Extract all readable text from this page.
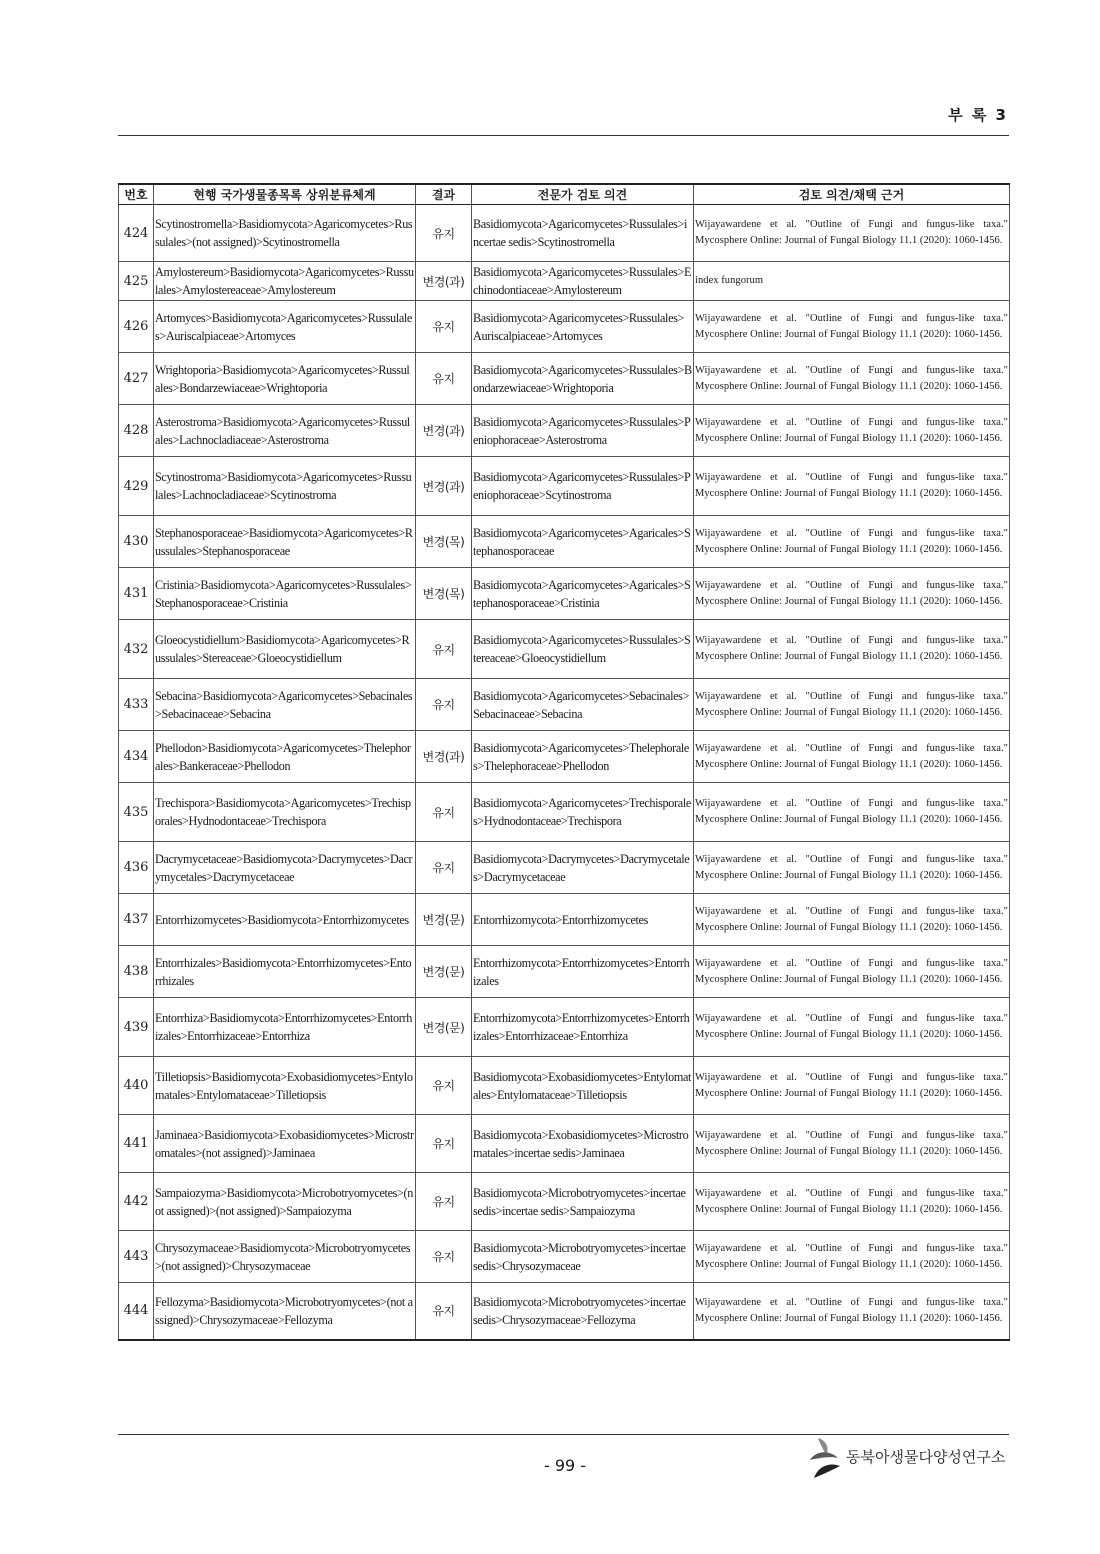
부 록 3
번호	현행 국가생물종목록 상위분류체계	결과	전문가 검토 의견	검토 의견/채택 근거
424	Scytinostromella>Basidiomycota>Agaricomycetes>Russulales>(not assigned)>Scytinostromella	유지	Basidiomycota>Agaricomycetes>Russulales>incertae sedis>Scytinostromella	Wijayawardene et al. "Outline of Fungi and fungus-like taxa." Mycosphere Online: Journal of Fungal Biology 11.1 (2020): 1060-1456.
425	Amylostereum>Basidiomycota>Agaricomycetes>Russulales>Amylostereaceae>Amylostereum	변경(과)	Basidiomycota>Agaricomycetes>Russulales>Echinodontiaceae>Amylostereum	index fungorum
426	Artomyces>Basidiomycota>Agaricomycetes>Russulales>Auriscalpiaceae>Artomyces	유지	Basidiomycota>Agaricomycetes>Russulales>Auriscalpiaceae>Artomyces	Wijayawardene et al. "Outline of Fungi and fungus-like taxa." Mycosphere Online: Journal of Fungal Biology 11.1 (2020): 1060-1456.
427	Wrightoporia>Basidiomycota>Agaricomycetes>Russulales>Bondarzewiaceae>Wrightoporia	유지	Basidiomycota>Agaricomycetes>Russulales>Bondarzewiaceae>Wrightoporia	Wijayawardene et al. "Outline of Fungi and fungus-like taxa." Mycosphere Online: Journal of Fungal Biology 11.1 (2020): 1060-1456.
428	Asterostroma>Basidiomycota>Agaricomycetes>Russulales>Lachnocladiaceae>Asterostroma	변경(과)	Basidiomycota>Agaricomycetes>Russulales>Peniophoraceae>Asterostroma	Wijayawardene et al. "Outline of Fungi and fungus-like taxa." Mycosphere Online: Journal of Fungal Biology 11.1 (2020): 1060-1456.
429	Scytinostroma>Basidiomycota>Agaricomycetes>Russulales>Lachnocladiaceae>Scytinostroma	변경(과)	Basidiomycota>Agaricomycetes>Russulales>Peniophoraceae>Scytinostroma	Wijayawardene et al. "Outline of Fungi and fungus-like taxa." Mycosphere Online: Journal of Fungal Biology 11.1 (2020): 1060-1456.
430	Stephanosporaceae>Basidiomycota>Agaricomycetes>Russulales>Stephanosporaceae	변경(목)	Basidiomycota>Agaricomycetes>Agaricales>Stephanosporaceae	Wijayawardene et al. "Outline of Fungi and fungus-like taxa." Mycosphere Online: Journal of Fungal Biology 11.1 (2020): 1060-1456.
431	Cristinia>Basidiomycota>Agaricomycetes>Russulales>Stephanosporaceae>Cristinia	변경(목)	Basidiomycota>Agaricomycetes>Agaricales>Stephanosporaceae>Cristinia	Wijayawardene et al. "Outline of Fungi and fungus-like taxa." Mycosphere Online: Journal of Fungal Biology 11.1 (2020): 1060-1456.
432	Gloeocystidiellum>Basidiomycota>Agaricomycetes>Russulales>Stereaceae>Gloeocystidiellum	유지	Basidiomycota>Agaricomycetes>Russulales>Stereaceae>Gloeocystidiellum	Wijayawardene et al. "Outline of Fungi and fungus-like taxa." Mycosphere Online: Journal of Fungal Biology 11.1 (2020): 1060-1456.
433	Sebacina>Basidiomycota>Agaricomycetes>Sebacinales>Sebacinaceae>Sebacina	유지	Basidiomycota>Agaricomycetes>Sebacinales>Sebacinaceae>Sebacina	Wijayawardene et al. "Outline of Fungi and fungus-like taxa." Mycosphere Online: Journal of Fungal Biology 11.1 (2020): 1060-1456.
434	Phellodon>Basidiomycota>Agaricomycetes>Thelephorales>Bankeraceae>Phellodon	변경(과)	Basidiomycota>Agaricomycetes>Thelephorales>Thelephoraceae>Phellodon	Wijayawardene et al. "Outline of Fungi and fungus-like taxa." Mycosphere Online: Journal of Fungal Biology 11.1 (2020): 1060-1456.
435	Trechispora>Basidiomycota>Agaricomycetes>Trechisporales>Hydnodontaceae>Trechispora	유지	Basidiomycota>Agaricomycetes>Trechisporales>Hydnodontaceae>Trechispora	Wijayawardene et al. "Outline of Fungi and fungus-like taxa." Mycosphere Online: Journal of Fungal Biology 11.1 (2020): 1060-1456.
436	Dacrymycetaceae>Basidiomycota>Dacrymycetes>Dacrymycetales>Dacrymycetaceae	유지	Basidiomycota>Dacrymycetes>Dacrymycetales>Dacrymycetaceae	Wijayawardene et al. "Outline of Fungi and fungus-like taxa." Mycosphere Online: Journal of Fungal Biology 11.1 (2020): 1060-1456.
437	Entorrhizomycetes>Basidiomycota>Entorrhizomycetes	변경(문)	Entorrhizomycota>Entorrhizomycetes	Wijayawardene et al. "Outline of Fungi and fungus-like taxa." Mycosphere Online: Journal of Fungal Biology 11.1 (2020): 1060-1456.
438	Entorrhizales>Basidiomycota>Entorrhizomycetes>Entorrhizales	변경(문)	Entorrhizomycota>Entorrhizomycetes>Entorrhizales	Wijayawardene et al. "Outline of Fungi and fungus-like taxa." Mycosphere Online: Journal of Fungal Biology 11.1 (2020): 1060-1456.
439	Entorrhiza>Basidiomycota>Entorrhizomycetes>Entorrhizales>Entorrhizaceae>Entorrhiza	변경(문)	Entorrhizomycota>Entorrhizomycetes>Entorrhizales>Entorrhizaceae>Entorrhiza	Wijayawardene et al. "Outline of Fungi and fungus-like taxa." Mycosphere Online: Journal of Fungal Biology 11.1 (2020): 1060-1456.
440	Tilletiopsis>Basidiomycota>Exobasidiomycetes>Entylomatales>Entylomataceae>Tilletiopsis	유지	Basidiomycota>Exobasidiomycetes>Entylomatales>Entylomataceae>Tilletiopsis	Wijayawardene et al. "Outline of Fungi and fungus-like taxa." Mycosphere Online: Journal of Fungal Biology 11.1 (2020): 1060-1456.
441	Jaminaea>Basidiomycota>Exobasidiomycetes>Microstromatales>(not assigned)>Jaminaea	유지	Basidiomycota>Exobasidiomycetes>Microstromatales>incertae sedis>Jaminaea	Wijayawardene et al. "Outline of Fungi and fungus-like taxa." Mycosphere Online: Journal of Fungal Biology 11.1 (2020): 1060-1456.
442	Sampaiozyma>Basidiomycota>Microbotryomycetes>(not assigned)>(not assigned)>Sampaiozyma	유지	Basidiomycota>Microbotryomycetes>incertae sedis>incertae sedis>Sampaiozyma	Wijayawardene et al. "Outline of Fungi and fungus-like taxa." Mycosphere Online: Journal of Fungal Biology 11.1 (2020): 1060-1456.
443	Chrysozymaceae>Basidiomycota>Microbotryomycetes>(not assigned)>Chrysozymaceae	유지	Basidiomycota>Microbotryomycetes>incertae sedis>Chrysozymaceae	Wijayawardene et al. "Outline of Fungi and fungus-like taxa." Mycosphere Online: Journal of Fungal Biology 11.1 (2020): 1060-1456.
444	Fellozyma>Basidiomycota>Microbotryomycetes>(not assigned)>Chrysozymaceae>Fellozyma	유지	Basidiomycota>Microbotryomycetes>incertae sedis>Chrysozymaceae>Fellozyma	Wijayawardene et al. "Outline of Fungi and fungus-like taxa." Mycosphere Online: Journal of Fungal Biology 11.1 (2020): 1060-1456.
- 99 -	동북아생물다양성연구소
